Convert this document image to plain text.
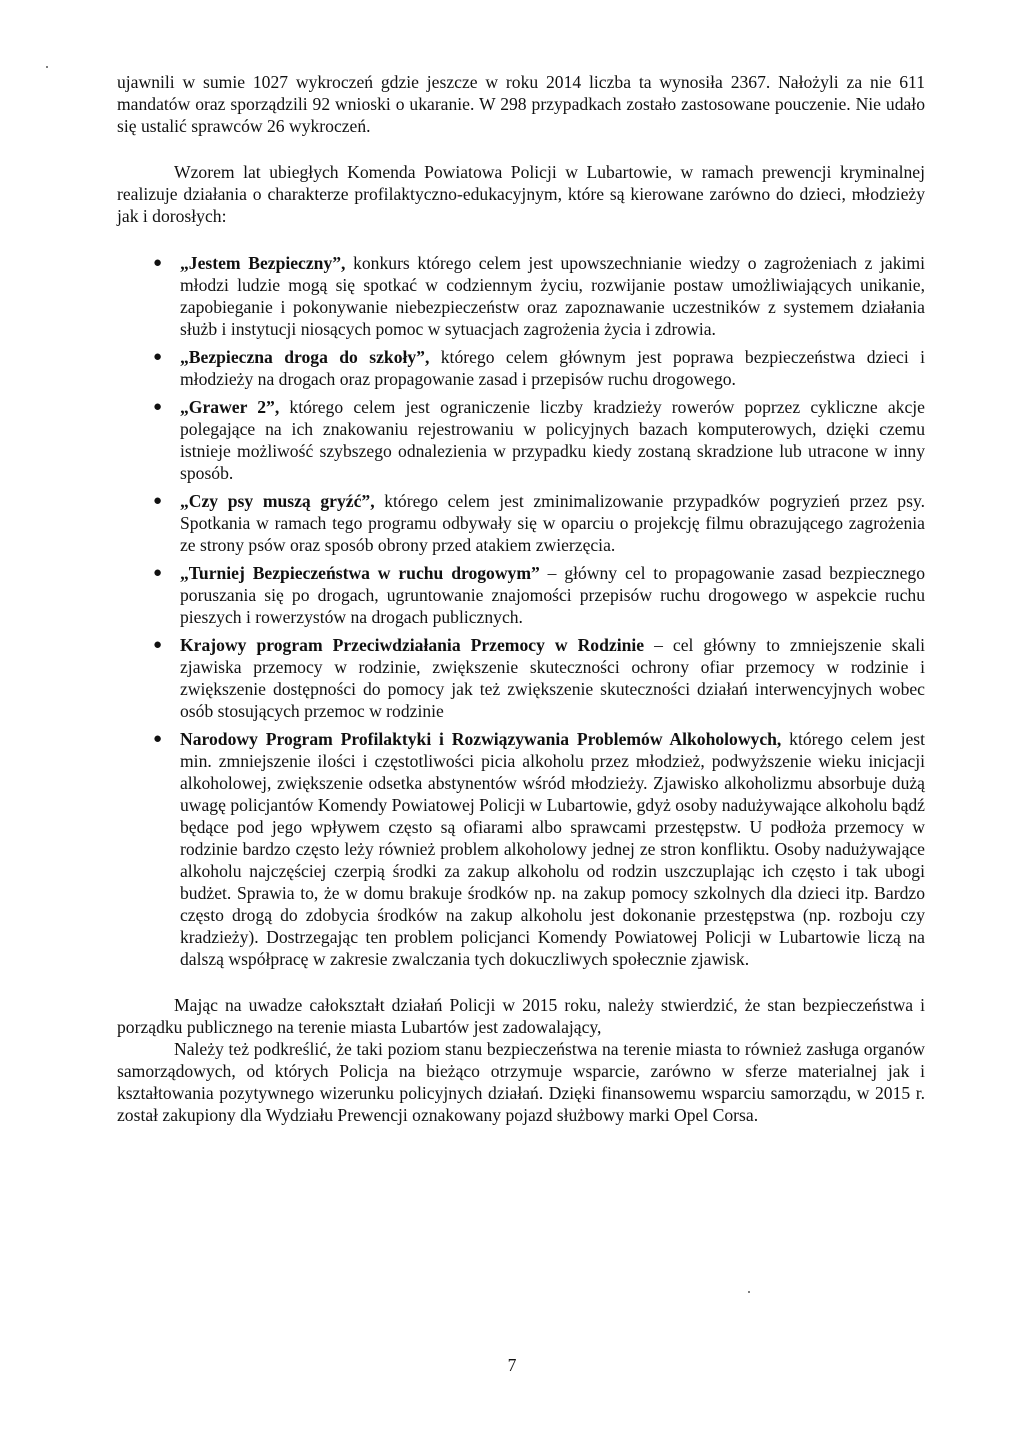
ujawnili w sumie 1027 wykroczeń gdzie jeszcze w roku 2014 liczba ta wynosiła 2367. Nałożyli za nie 611 mandatów oraz sporządzili 92 wnioski o ukaranie. W 298 przypadkach zostało zastosowane pouczenie. Nie udało się ustalić sprawców 26 wykroczeń.

Wzorem lat ubiegłych Komenda Powiatowa Policji w Lubartowie, w ramach prewencji kryminalnej realizuje działania o charakterze profilaktyczno-edukacyjnym, które są kierowane zarówno do dzieci, młodzieży jak i dorosłych:

● „Jestem Bezpieczny”, konkurs którego celem jest upowszechnianie wiedzy o zagrożeniach z jakimi młodzi ludzie mogą się spotkać w codziennym życiu, rozwijanie postaw umożliwiających unikanie, zapobieganie i pokonywanie niebezpieczeństw oraz zapoznawanie uczestników z systemem działania służb i instytucji niosących pomoc w sytuacjach zagrożenia życia i zdrowia.
● „Bezpieczna droga do szkoły”, którego celem głównym jest poprawa bezpieczeństwa dzieci i młodzieży na drogach oraz propagowanie zasad i przepisów ruchu drogowego.
● „Grawer 2”, którego celem jest ograniczenie liczby kradzieży rowerów poprzez cykliczne akcje polegające na ich znakowaniu rejestrowaniu w policyjnych bazach komputerowych, dzięki czemu istnieje możliwość szybszego odnalezienia w przypadku kiedy zostaną skradzione lub utracone w inny sposób.
● „Czy psy muszą gryźć”, którego celem jest zminimalizowanie przypadków pogryzień przez psy. Spotkania w ramach tego programu odbywały się w oparciu o projekcję filmu obrazującego zagrożenia ze strony psów oraz sposób obrony przed atakiem zwierzęcia.
● „Turniej Bezpieczeństwa w ruchu drogowym” – główny cel to propagowanie zasad bezpiecznego poruszania się po drogach, ugruntowanie znajomości przepisów ruchu drogowego w aspekcie ruchu pieszych i rowerzystów na drogach publicznych.
● Krajowy program Przeciwdziałania Przemocy w Rodzinie – cel główny to zmniejszenie skali zjawiska przemocy w rodzinie, zwiększenie skuteczności ochrony ofiar przemocy w rodzinie i zwiększenie dostępności do pomocy jak też zwiększenie skuteczności działań interwencyjnych wobec osób stosujących przemoc w rodzinie
● Narodowy Program Profilaktyki i Rozwiązywania Problemów Alkoholowych, którego celem jest min. zmniejszenie ilości i częstotliwości picia alkoholu przez młodzież, podwyższenie wieku inicjacji alkoholowej, zwiększenie odsetka abstynentów wśród młodzieży. Zjawisko alkoholizmu absorbuje dużą uwagę policjantów Komendy Powiatowej Policji w Lubartowie, gdyż osoby nadużywające alkoholu bądź będące pod jego wpływem często są ofiarami albo sprawcami przestępstw. U podłoża przemocy w rodzinie bardzo często leży również problem alkoholowy jednej ze stron konfliktu. Osoby nadużywające alkoholu najczęściej czerpią środki za zakup alkoholu od rodzin uszczuplając ich często i tak ubogi budżet. Sprawia to, że w domu brakuje środków np. na zakup pomocy szkolnych dla dzieci itp. Bardzo często drogą do zdobycia środków na zakup alkoholu jest dokonanie przestępstwa (np. rozboju czy kradzieży). Dostrzegając ten problem policjanci Komendy Powiatowej Policji w Lubartowie liczą na dalszą współpracę w zakresie zwalczania tych dokuczliwych społecznie zjawisk.

Mając na uwadze całokształt działań Policji w 2015 roku, należy stwierdzić, że stan bezpieczeństwa i porządku publicznego na terenie miasta Lubartów jest zadowalający,

Należy też podkreślić, że taki poziom stanu bezpieczeństwa na terenie miasta to również zasługa organów samorządowych, od których Policja na bieżąco otrzymuje wsparcie, zarówno w sferze materialnej jak i kształtowania pozytywnego wizerunku policyjnych działań. Dzięki finansowemu wsparciu samorządu, w 2015 r. został zakupiony dla Wydziału Prewencji oznakowany pojazd służbowy marki Opel Corsa.

7
